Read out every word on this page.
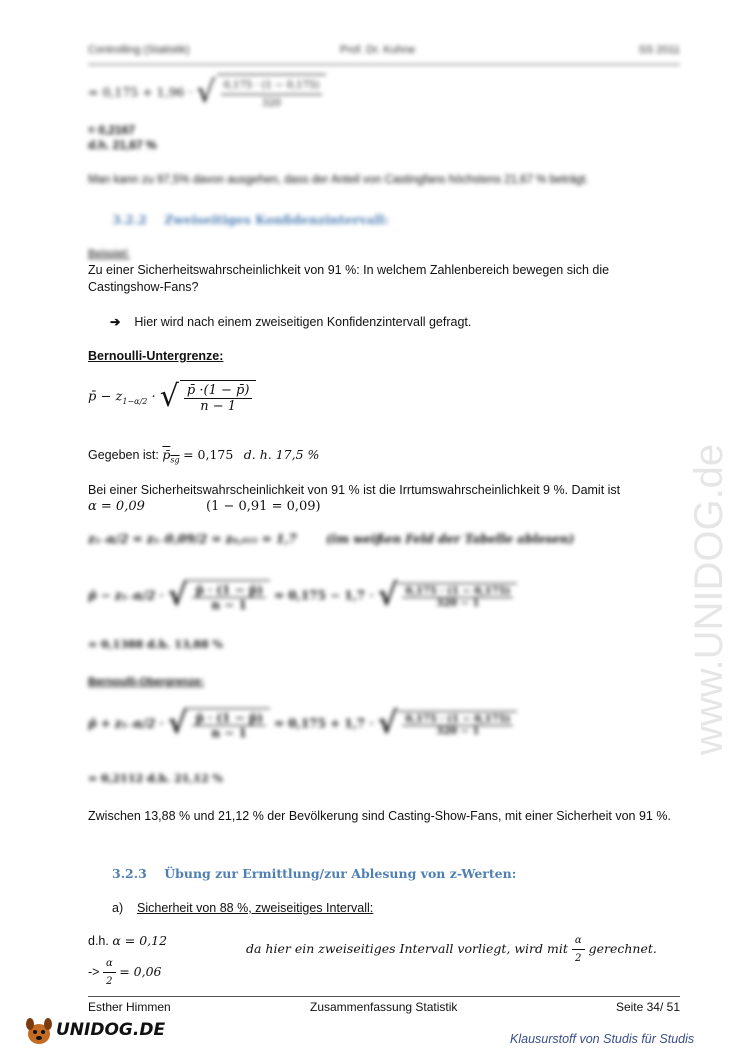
Controlling (Statistik)	Prof. Dr. Kuhne	SS 2011
= 0,175 + 1,96 · √ $\frac{0,175 \cdot (1 - 0,175)}{320}$
= 0,2167
d.h. 21,67 %
Man kann zu 97,5% davon ausgehen, dass der Anteil von Castingfans höchstens 21,67 % beträgt.
3.2.2 Zweiseitiges Konfidenzintervall:
Beispiel:
Zu einer Sicherheitswahrscheinlichkeit von 91 %: In welchem Zahlenbereich bewegen sich die Castingshow-Fans?
➔ Hier wird nach einem zweiseitigen Konfidenzintervall gefragt.
Bernoulli-Untergrenze:
p̄ − $z_{1-\alpha/2}$ · √ $\frac{p̄ \cdot(1 - p̄)}{n - 1}$
Gegeben ist: $p̄_{sg} = 0,175$ d. h. 17,5 %
Bei einer Sicherheitswahrscheinlichkeit von 91 % ist die Irrtumswahrscheinlichkeit 9 %. Damit ist
α = 0,09	(1 − 0,91 = 0,09)
z₁₋α/2 = z₁₋0,09/2 = z₀,₉₅₅ = 1,7 (im weißen Feld der Tabelle ablesen)
p̄ − z₁₋α/2 · √ $\frac{p̄ \cdot (1 - p̄)}{n - 1} = 0,175 - 1,7$ · √ $\frac{0,175 \cdot (1 - 0,175)}{320 - 1}$
= 0,1388 d.h. 13,88 %
Bernoulli-Obergrenze:
p̄ + z₁₋α/2 · √ $\frac{p̄ \cdot (1 - p̄)}{n - 1} = 0,175 + 1,7$ · √ $\frac{0,175 \cdot (1 - 0,175)}{320 - 1}$
= 0,2112 d.h. 21,12 %
Zwischen 13,88 % und 21,12 % der Bevölkerung sind Casting-Show-Fans, mit einer Sicherheit von 91 %.
3.2.3 Übung zur Ermittlung/zur Ablesung von z-Werten:
a) Sicherheit von 88 %, zweiseitiges Intervall:
d.h. α = 0,12
da hier ein zweiseitiges Intervall vorliegt, wird mit $\frac{\alpha}{2}$ gerechnet.
-> $\frac{\alpha}{2} = 0,06$
Esther Himmen	Zusammenfassung Statistik	Seite 34/ 51
www.UNIDOG.de
UNIDOG.DE	Klausurstoff von Studis für Studis
